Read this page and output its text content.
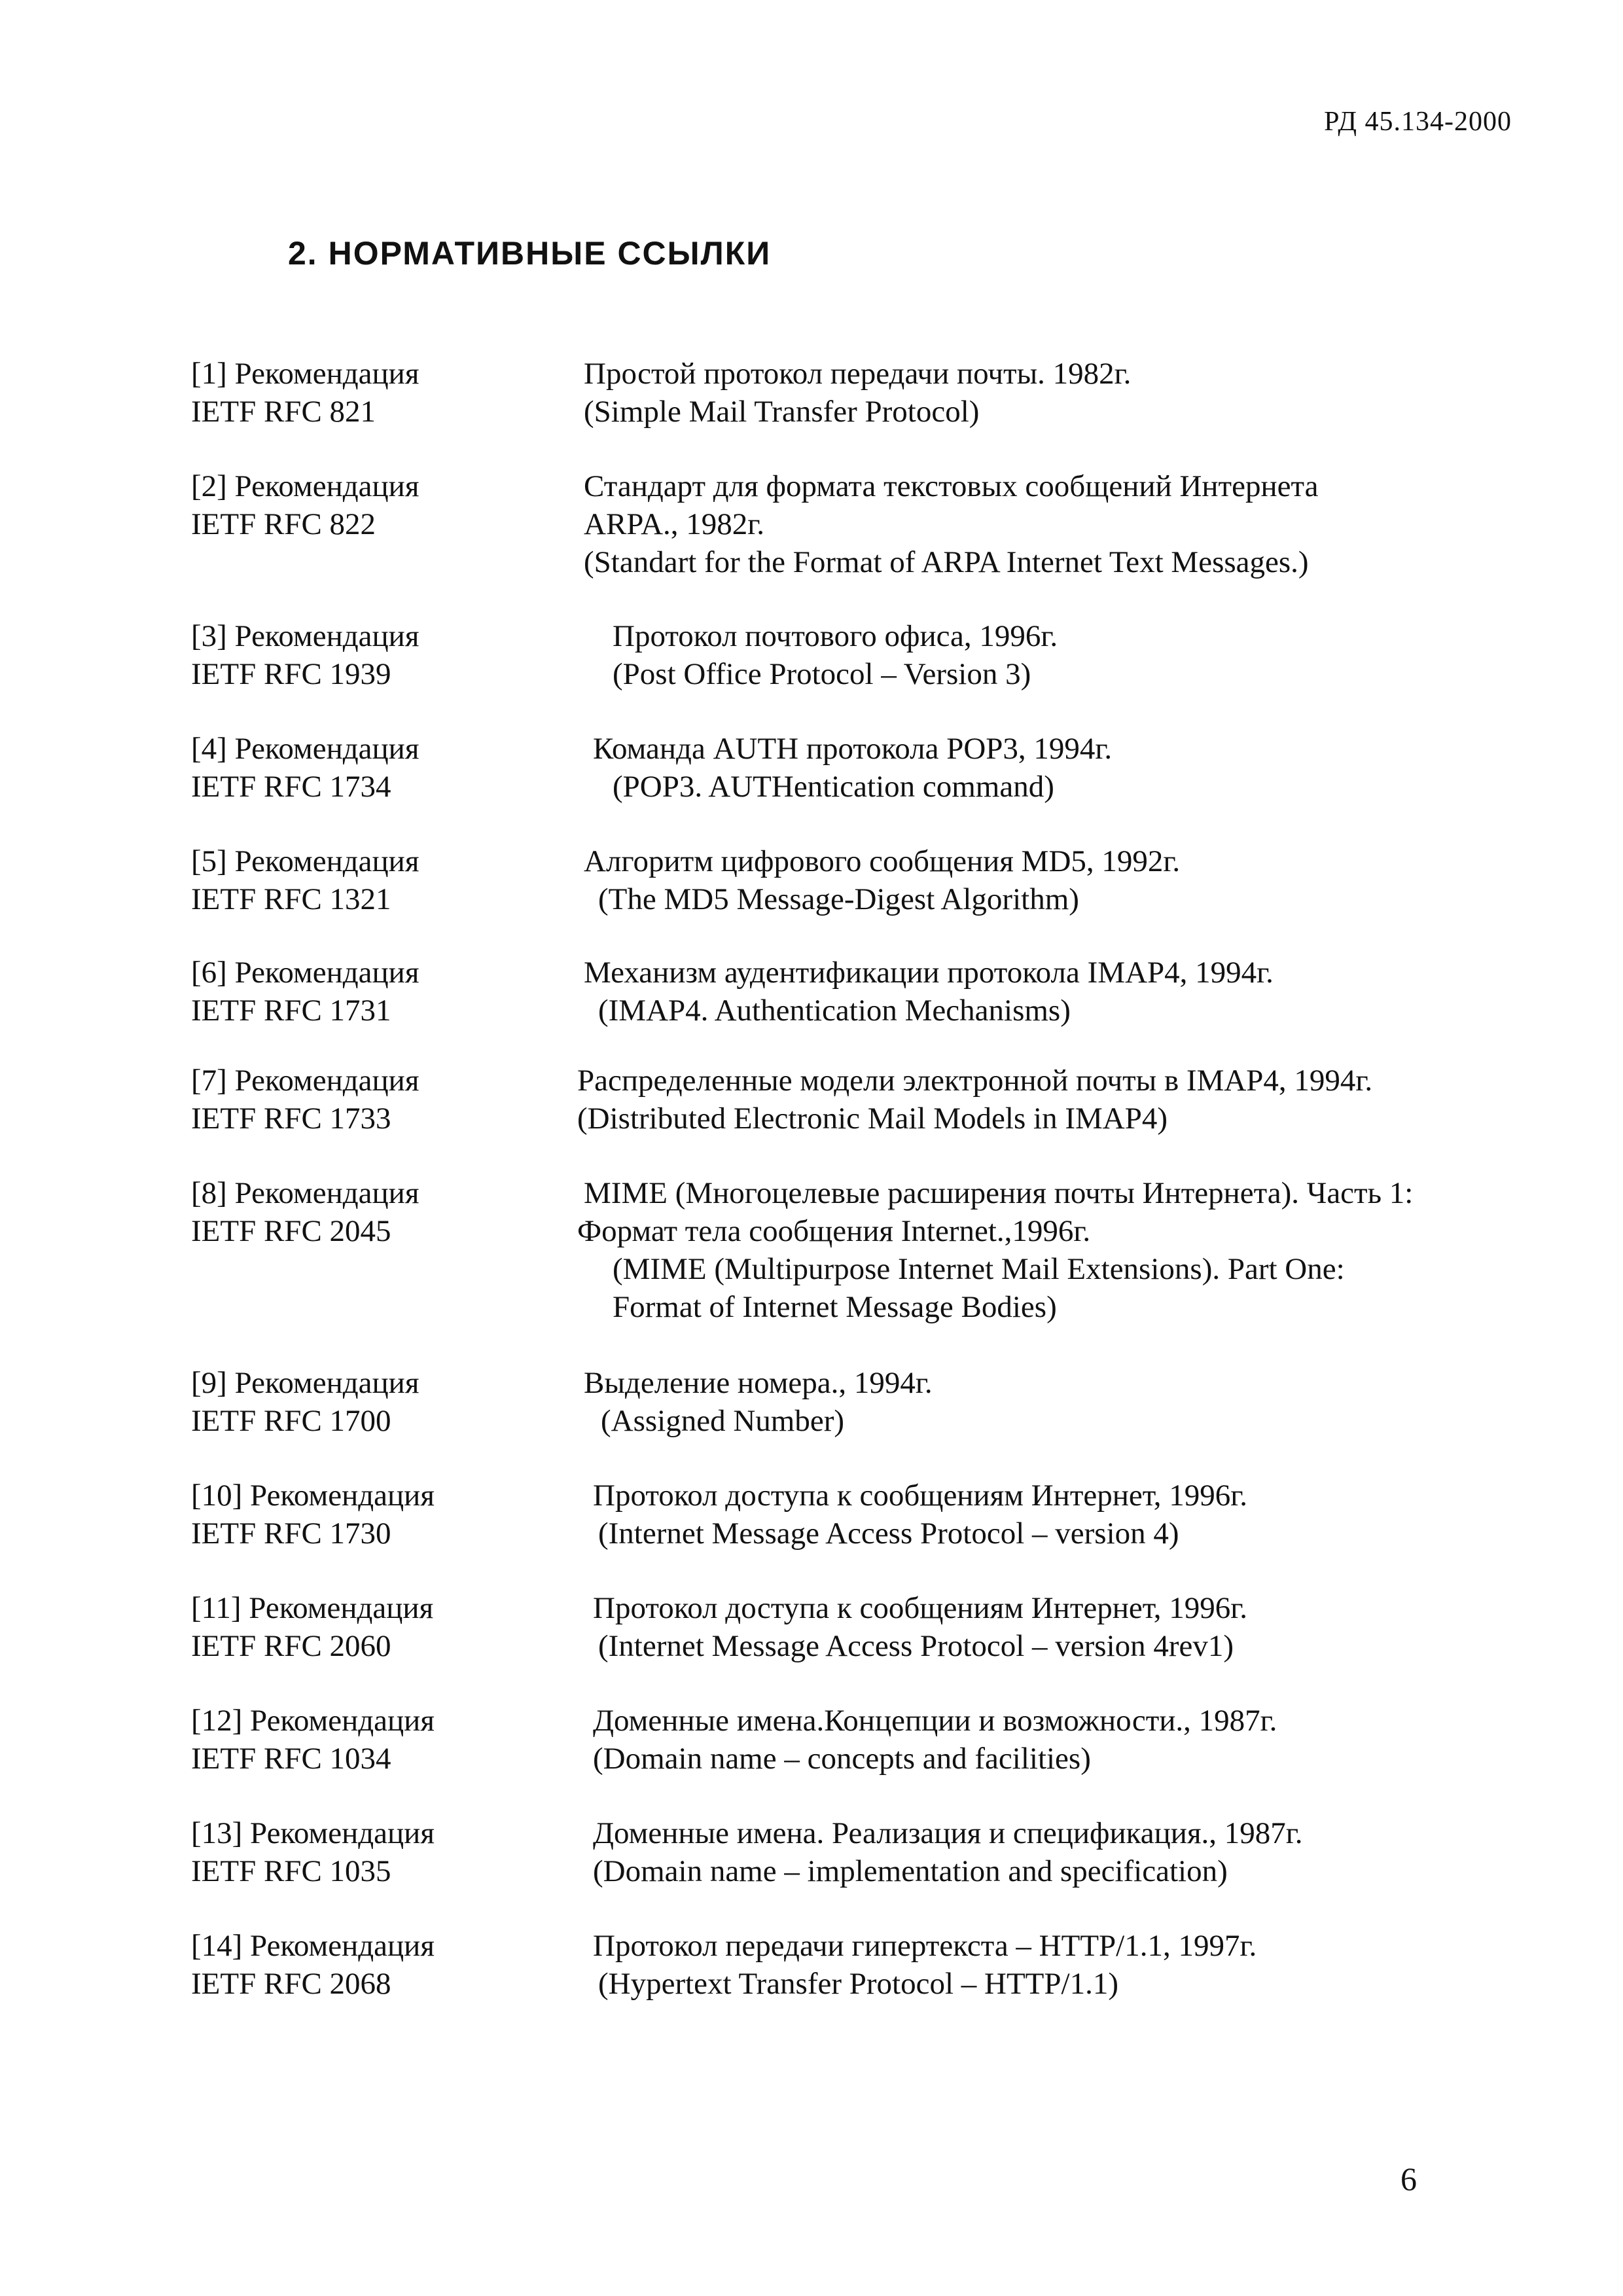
РД 45.134-2000
2. НОРМАТИВНЫЕ ССЫЛКИ
[1] Рекомендация
IETF RFC 821
Простой протокол передачи почты. 1982г.
(Simple Mail Transfer Protocol)
[2] Рекомендация
IETF RFC 822
Стандарт для формата текстовых сообщений Интернета
ARPA., 1982г.
(Standart for the Format of ARPA Internet Text Messages.)
[3] Рекомендация
IETF RFC 1939
Протокол почтового офиса, 1996г.
(Post Office Protocol – Version 3)
[4] Рекомендация
IETF RFC 1734
Команда AUTH протокола POP3, 1994г.
(POP3. AUTHentication command)
[5] Рекомендация
IETF RFC 1321
Алгоритм цифрового сообщения MD5, 1992г.
(The MD5 Message-Digest Algorithm)
[6] Рекомендация
IETF RFC 1731
Механизм аудентификации протокола IMAP4, 1994г.
(IMAP4. Authentication Mechanisms)
[7] Рекомендация
IETF RFC 1733
Распределенные модели электронной почты в IMAP4, 1994г.
(Distributed Electronic Mail Models in IMAP4)
[8] Рекомендация
IETF RFC 2045
MIME (Многоцелевые расширения почты Интернета). Часть 1:
Формат тела сообщения Internet.,1996г.
(MIME (Multipurpose Internet Mail Extensions). Part One:
Format of Internet Message Bodies)
[9] Рекомендация
IETF RFC 1700
Выделение номера., 1994г.
(Assigned Number)
[10] Рекомендация
IETF RFC 1730
Протокол доступа к сообщениям Интернет, 1996г.
(Internet Message Access Protocol – version 4)
[11] Рекомендация
IETF RFC 2060
Протокол доступа к сообщениям Интернет, 1996г.
(Internet Message Access Protocol – version 4rev1)
[12] Рекомендация
IETF RFC 1034
Доменные имена.Концепции и возможности., 1987г.
(Domain name – concepts and facilities)
[13] Рекомендация
IETF RFC 1035
Доменные имена. Реализация и спецификация., 1987г.
(Domain name – implementation and specification)
[14] Рекомендация
IETF RFC 2068
Протокол передачи гипертекста – HTTP/1.1, 1997г.
(Hypertext Transfer Protocol – HTTP/1.1)
6
